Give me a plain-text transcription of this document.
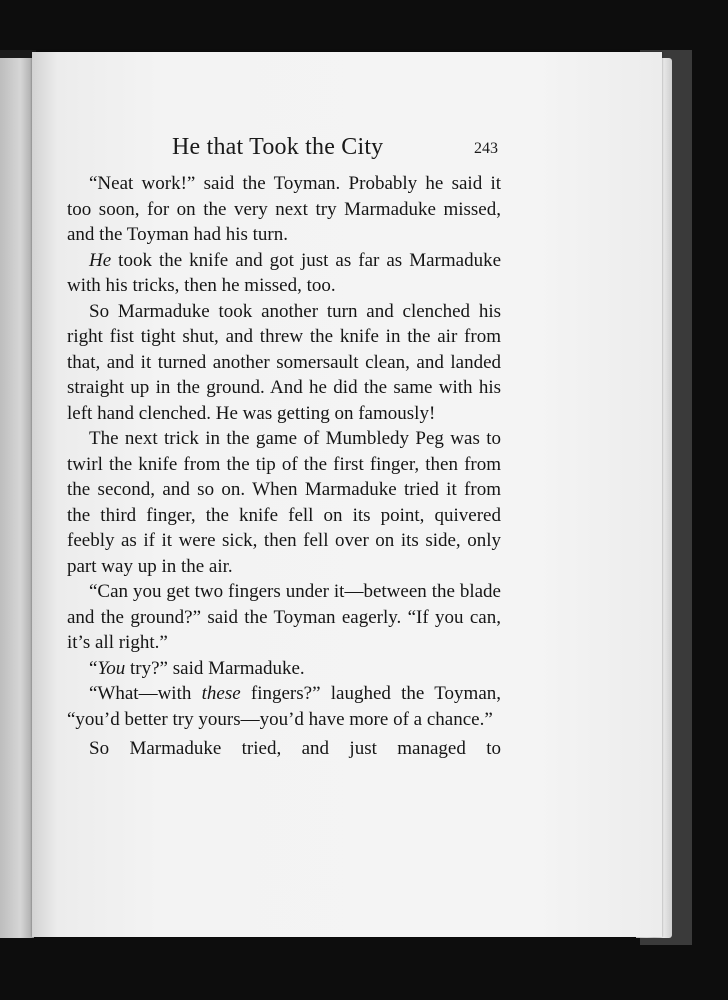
He that Took the City	243

“Neat work!” said the Toyman. Probably he said it too soon, for on the very next try Marmaduke missed, and the Toyman had his turn.

He took the knife and got just as far as Marmaduke with his tricks, then he missed, too.

So Marmaduke took another turn and clenched his right fist tight shut, and threw the knife in the air from that, and it turned another somersault clean, and landed straight up in the ground. And he did the same with his left hand clenched. He was getting on famously!

The next trick in the game of Mumbledy Peg was to twirl the knife from the tip of the first finger, then from the second, and so on. When Marmaduke tried it from the third finger, the knife fell on its point, quivered feebly as if it were sick, then fell over on its side, only part way up in the air.

“Can you get two fingers under it—between the blade and the ground?” said the Toyman eagerly. “If you can, it’s all right.”

“You try?” said Marmaduke.

“What—with these fingers?” laughed the Toyman, “you’d better try yours—you’d have more of a chance.”

So Marmaduke tried, and just managed to
